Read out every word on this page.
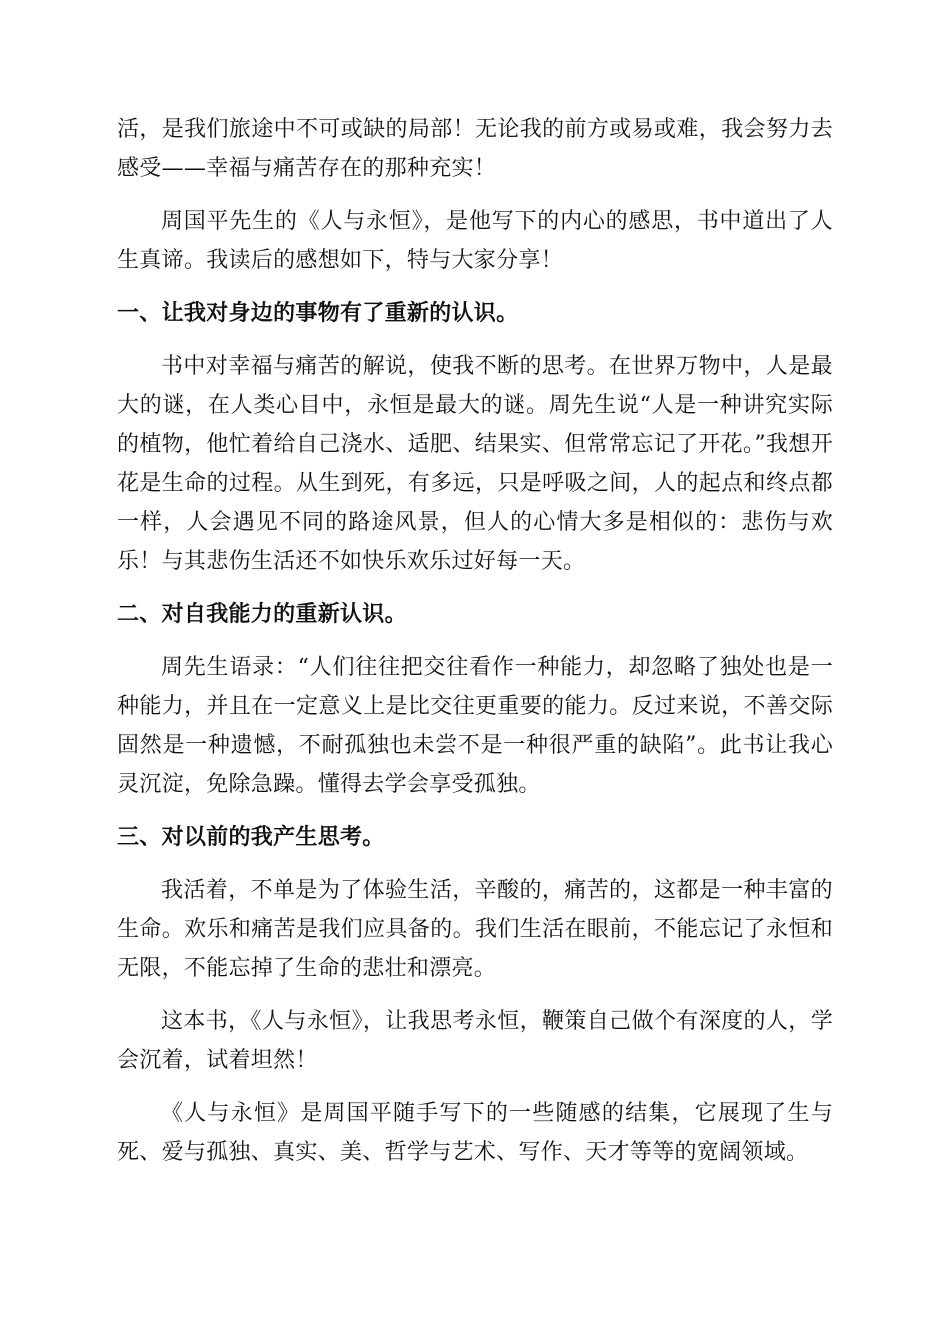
活，是我们旅途中不可或缺的局部！无论我的前方或易或难，我会努力去感受——幸福与痛苦存在的那种充实！

周国平先生的《人与永恒》，是他写下的内心的感思，书中道出了人生真谛。我读后的感想如下，特与大家分享！

一、让我对身边的事物有了重新的认识。

书中对幸福与痛苦的解说，使我不断的思考。在世界万物中，人是最大的谜，在人类心目中，永恒是最大的谜。周先生说“人是一种讲究实际的植物，他忙着给自己浇水、适肥、结果实、但常常忘记了开花。”我想开花是生命的过程。从生到死，有多远，只是呼吸之间，人的起点和终点都一样，人会遇见不同的路途风景，但人的心情大多是相似的：悲伤与欢乐！与其悲伤生活还不如快乐欢乐过好每一天。

二、对自我能力的重新认识。

周先生语录：“人们往往把交往看作一种能力，却忽略了独处也是一种能力，并且在一定意义上是比交往更重要的能力。反过来说，不善交际固然是一种遗憾，不耐孤独也未尝不是一种很严重的缺陷”。此书让我心灵沉淀，免除急躁。懂得去学会享受孤独。

三、对以前的我产生思考。

我活着，不单是为了体验生活，辛酸的，痛苦的，这都是一种丰富的生命。欢乐和痛苦是我们应具备的。我们生活在眼前，不能忘记了永恒和无限，不能忘掉了生命的悲壮和漂亮。

这本书，《人与永恒》，让我思考永恒，鞭策自己做个有深度的人，学会沉着，试着坦然！

《人与永恒》是周国平随手写下的一些随感的结集，它展现了生与死、爱与孤独、真实、美、哲学与艺术、写作、天才等等的宽阔领域。
